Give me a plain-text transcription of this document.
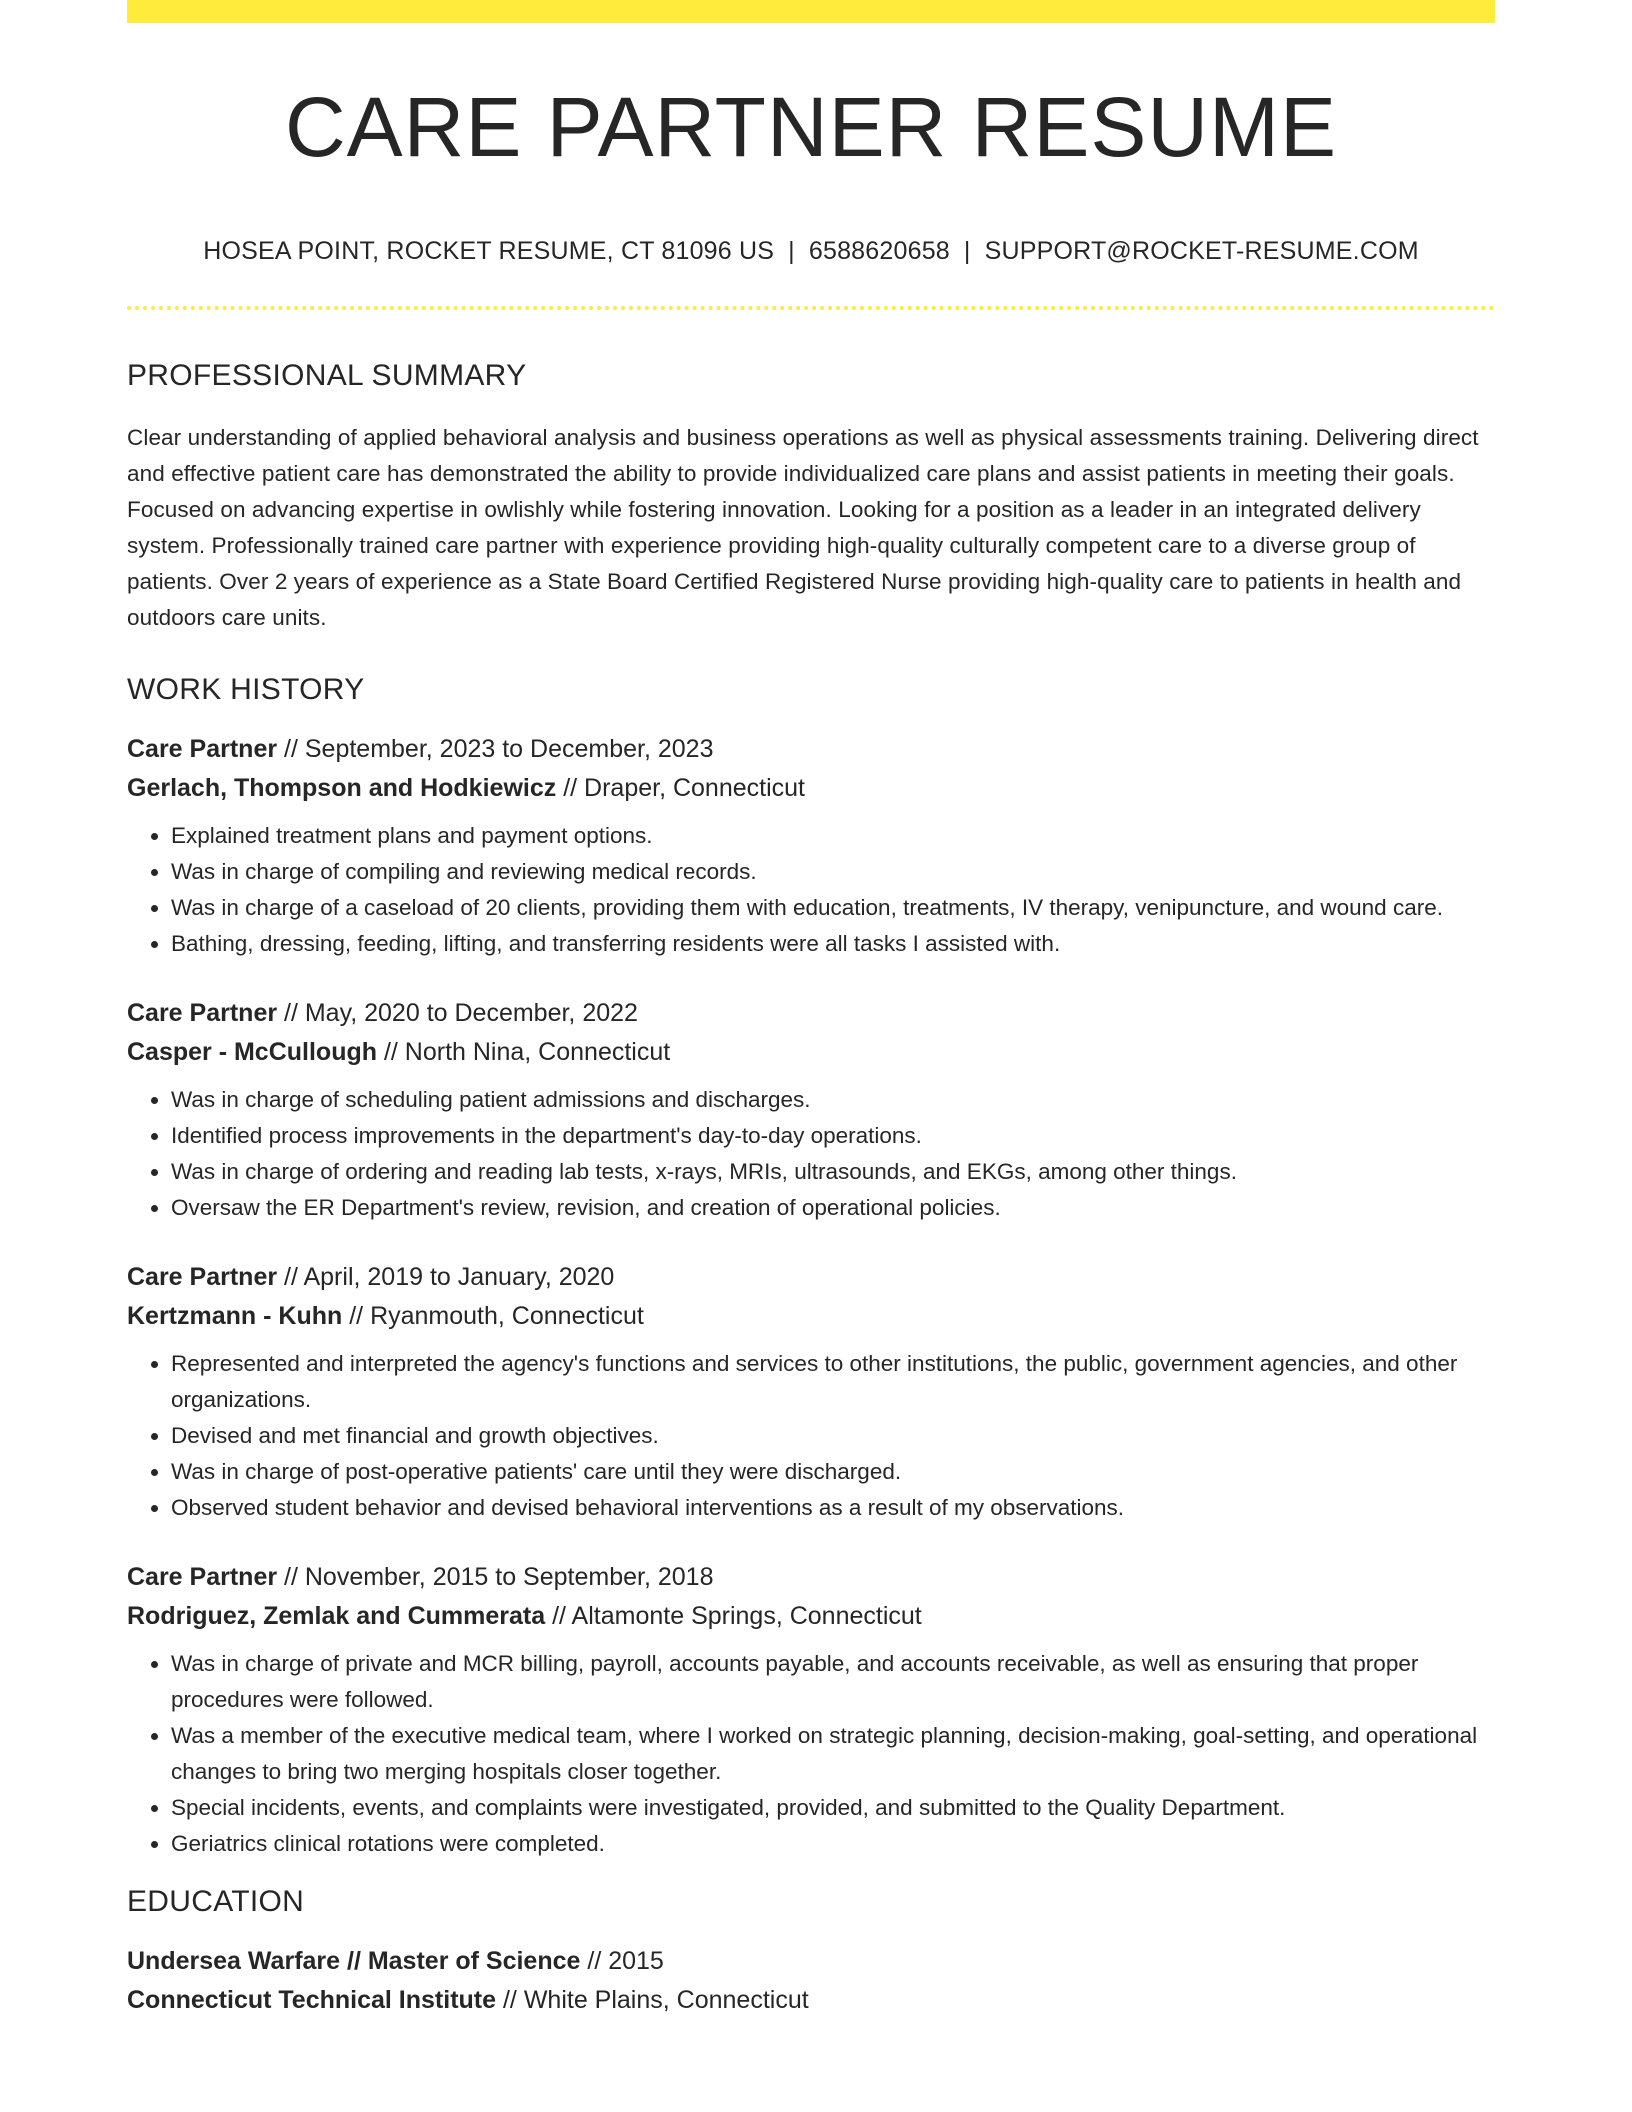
CARE PARTNER RESUME
HOSEA POINT, ROCKET RESUME, CT 81096 US | 6588620658 | SUPPORT@ROCKET-RESUME.COM
PROFESSIONAL SUMMARY
Clear understanding of applied behavioral analysis and business operations as well as physical assessments training. Delivering direct and effective patient care has demonstrated the ability to provide individualized care plans and assist patients in meeting their goals. Focused on advancing expertise in owlishly while fostering innovation. Looking for a position as a leader in an integrated delivery system. Professionally trained care partner with experience providing high-quality culturally competent care to a diverse group of patients. Over 2 years of experience as a State Board Certified Registered Nurse providing high-quality care to patients in health and outdoors care units.
WORK HISTORY
Care Partner // September, 2023 to December, 2023
Gerlach, Thompson and Hodkiewicz // Draper, Connecticut
• Explained treatment plans and payment options.
• Was in charge of compiling and reviewing medical records.
• Was in charge of a caseload of 20 clients, providing them with education, treatments, IV therapy, venipuncture, and wound care.
• Bathing, dressing, feeding, lifting, and transferring residents were all tasks I assisted with.
Care Partner // May, 2020 to December, 2022
Casper - McCullough // North Nina, Connecticut
• Was in charge of scheduling patient admissions and discharges.
• Identified process improvements in the department's day-to-day operations.
• Was in charge of ordering and reading lab tests, x-rays, MRIs, ultrasounds, and EKGs, among other things.
• Oversaw the ER Department's review, revision, and creation of operational policies.
Care Partner // April, 2019 to January, 2020
Kertzmann - Kuhn // Ryanmouth, Connecticut
• Represented and interpreted the agency's functions and services to other institutions, the public, government agencies, and other organizations.
• Devised and met financial and growth objectives.
• Was in charge of post-operative patients' care until they were discharged.
• Observed student behavior and devised behavioral interventions as a result of my observations.
Care Partner // November, 2015 to September, 2018
Rodriguez, Zemlak and Cummerata // Altamonte Springs, Connecticut
• Was in charge of private and MCR billing, payroll, accounts payable, and accounts receivable, as well as ensuring that proper procedures were followed.
• Was a member of the executive medical team, where I worked on strategic planning, decision-making, goal-setting, and operational changes to bring two merging hospitals closer together.
• Special incidents, events, and complaints were investigated, provided, and submitted to the Quality Department.
• Geriatrics clinical rotations were completed.
EDUCATION
Undersea Warfare // Master of Science // 2015
Connecticut Technical Institute // White Plains, Connecticut
